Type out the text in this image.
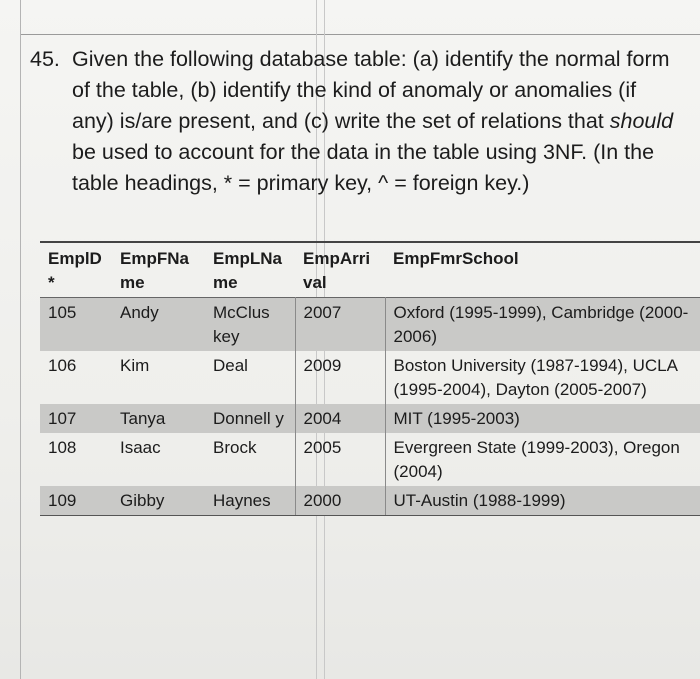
45. Given the following database table: (a) identify the normal form of the table, (b) identify the kind of anomaly or anomalies (if any) is/are present, and (c) write the set of relations that should be used to account for the data in the table using 3NF. (In the table headings, * = primary key, ^ = foreign key.)
EmplD*	EmpFName	EmpLName	EmpArrival	EmpFmrSchool
105	Andy	McClus key	2007	Oxford (1995-1999), Cambridge (2000-2006)
106	Kim	Deal	2009	Boston University (1987-1994), UCLA (1995-2004), Dayton (2005-2007)
107	Tanya	Donnell y	2004	MIT (1995-2003)
108	Isaac	Brock	2005	Evergreen State (1999-2003), Oregon (2004)
109	Gibby	Haynes	2000	UT-Austin (1988-1999)
